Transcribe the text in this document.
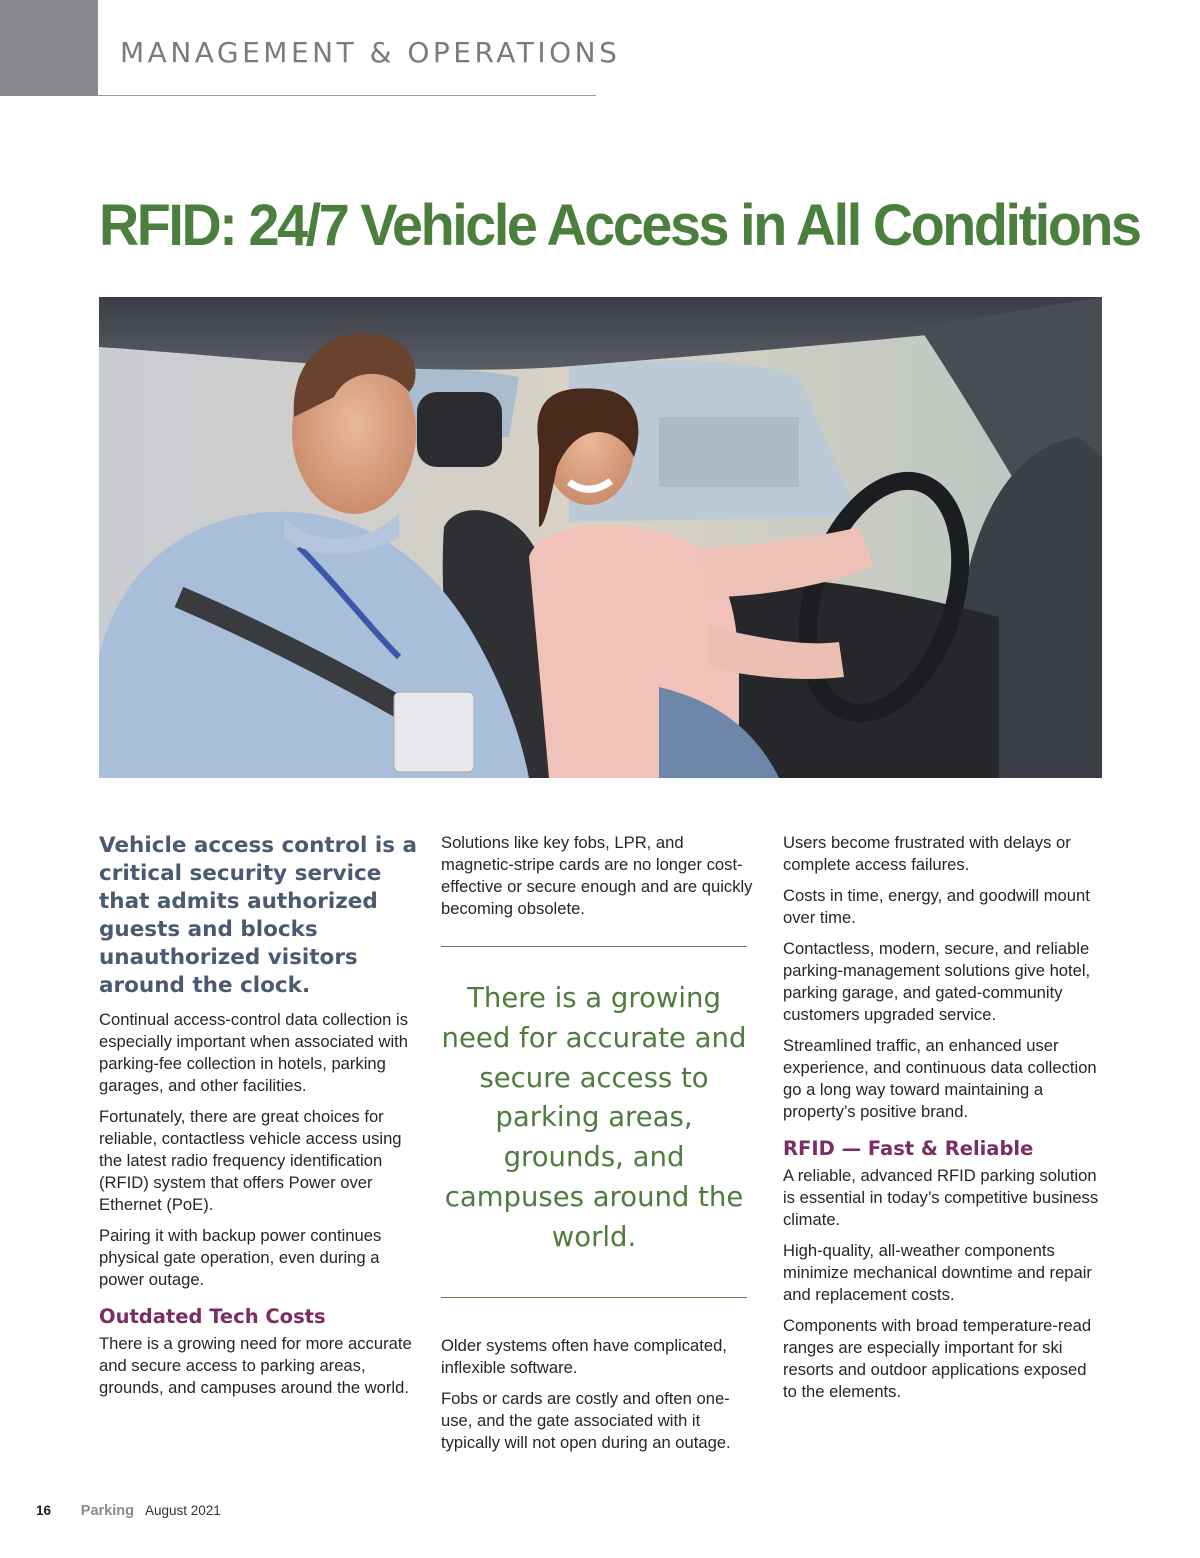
MANAGEMENT & OPERATIONS
RFID: 24/7 Vehicle Access in All Conditions

Vehicle access control is a critical security service that admits authorized guests and blocks unauthorized visitors around the clock.

Continual access-control data collection is especially important when associated with parking-fee collection in hotels, parking garages, and other facilities.

Fortunately, there are great choices for reliable, contactless vehicle access using the latest radio frequency identification (RFID) system that offers Power over Ethernet (PoE).

Pairing it with backup power continues physical gate operation, even during a power outage.

Outdated Tech Costs

There is a growing need for more accurate and secure access to parking areas, grounds, and campuses around the world.

Solutions like key fobs, LPR, and magnetic-stripe cards are no longer cost-effective or secure enough and are quickly becoming obsolete.

There is a growing need for accurate and secure access to parking areas, grounds, and campuses around the world.

Older systems often have complicated, inflexible software.

Fobs or cards are costly and often one-use, and the gate associated with it typically will not open during an outage.

Users become frustrated with delays or complete access failures.

Costs in time, energy, and goodwill mount over time.

Contactless, modern, secure, and reliable parking-management solutions give hotel, parking garage, and gated-community customers upgraded service.

Streamlined traffic, an enhanced user experience, and continuous data collection go a long way toward maintaining a property’s positive brand.

RFID — Fast & Reliable

A reliable, advanced RFID parking solution is essential in today’s competitive business climate.

High-quality, all-weather components minimize mechanical downtime and repair and replacement costs.

Components with broad temperature-read ranges are especially important for ski resorts and outdoor applications exposed to the elements.

16 Parking August 2021
